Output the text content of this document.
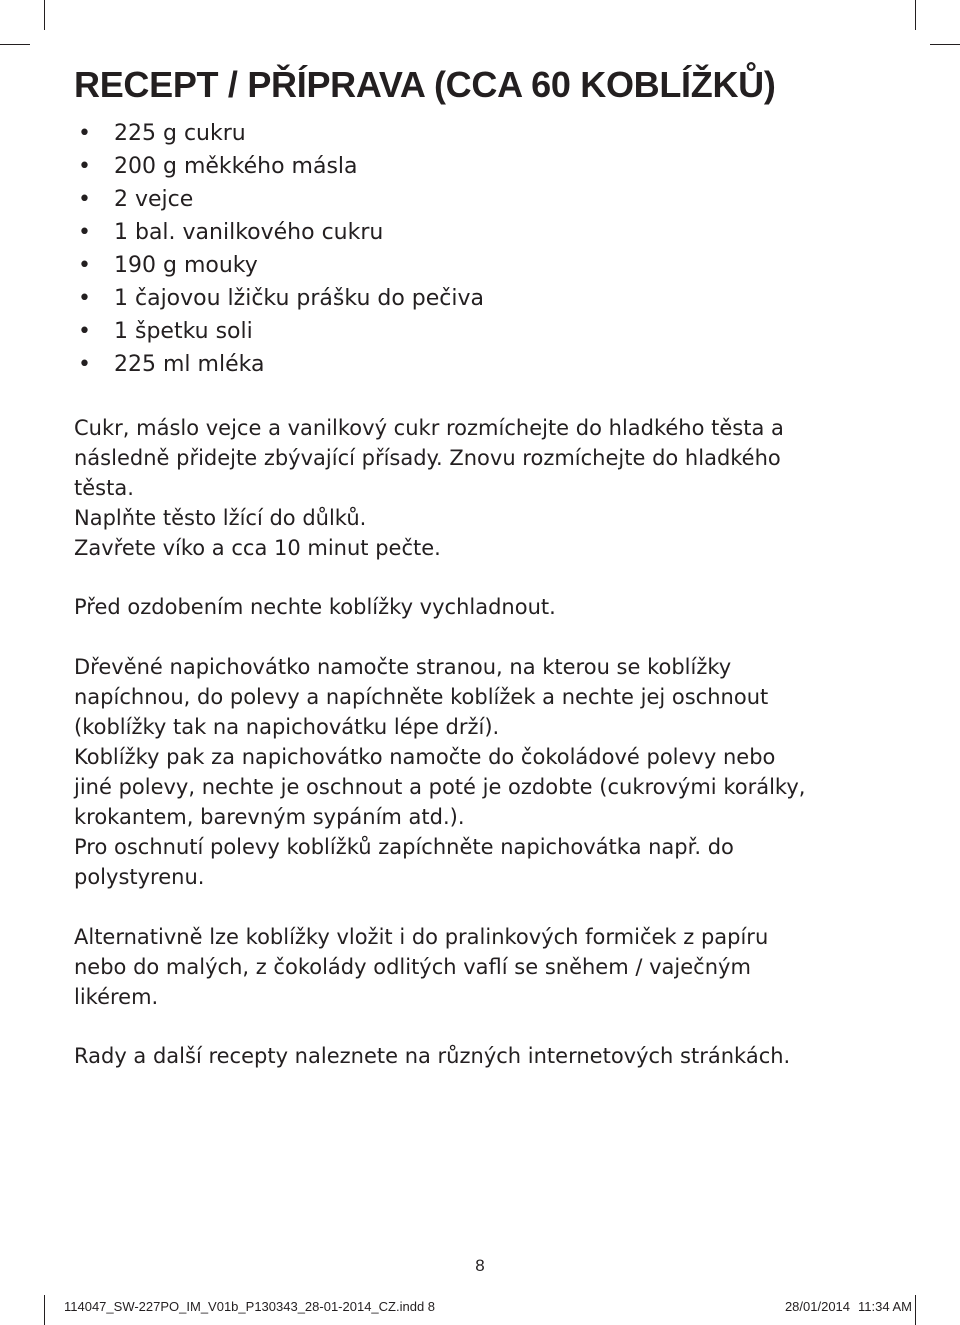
RECEPT / PŘÍPRAVA (CCA 60 KOBLÍŽKŮ)
• 225 g cukru
• 200 g měkkého másla
• 2 vejce
• 1 bal. vanilkového cukru
• 190 g mouky
• 1 čajovou lžičku prášku do pečiva
• 1 špetku soli
• 225 ml mléka

Cukr, máslo vejce a vanilkový cukr rozmíchejte do hladkého těsta a
následně přidejte zbývající přísady. Znovu rozmíchejte do hladkého
těsta.
Naplňte těsto lžící do důlků.
Zavřete víko a cca 10 minut pečte.

Před ozdobením nechte koblížky vychladnout.

Dřevěné napichovátko namočte stranou, na kterou se koblížky
napíchnou, do polevy a napíchněte koblížek a nechte jej oschnout
(koblížky tak na napichovátku lépe drží).
Koblížky pak za napichovátko namočte do čokoládové polevy nebo
jiné polevy, nechte je oschnout a poté je ozdobte (cukrovými korálky,
krokantem, barevným sypáním atd.).
Pro oschnutí polevy koblížků zapíchněte napichovátka např. do
polystyrenu.

Alternativně lze koblížky vložit i do pralinkových formiček z papíru
nebo do malých, z čokolády odlitých vaflí se sněhem / vaječným
likérem.

Rady a další recepty naleznete na různých internetových stránkách.

8
114047_SW-227PO_IM_V01b_P130343_28-01-2014_CZ.indd 8	28/01/2014 11:34 AM
